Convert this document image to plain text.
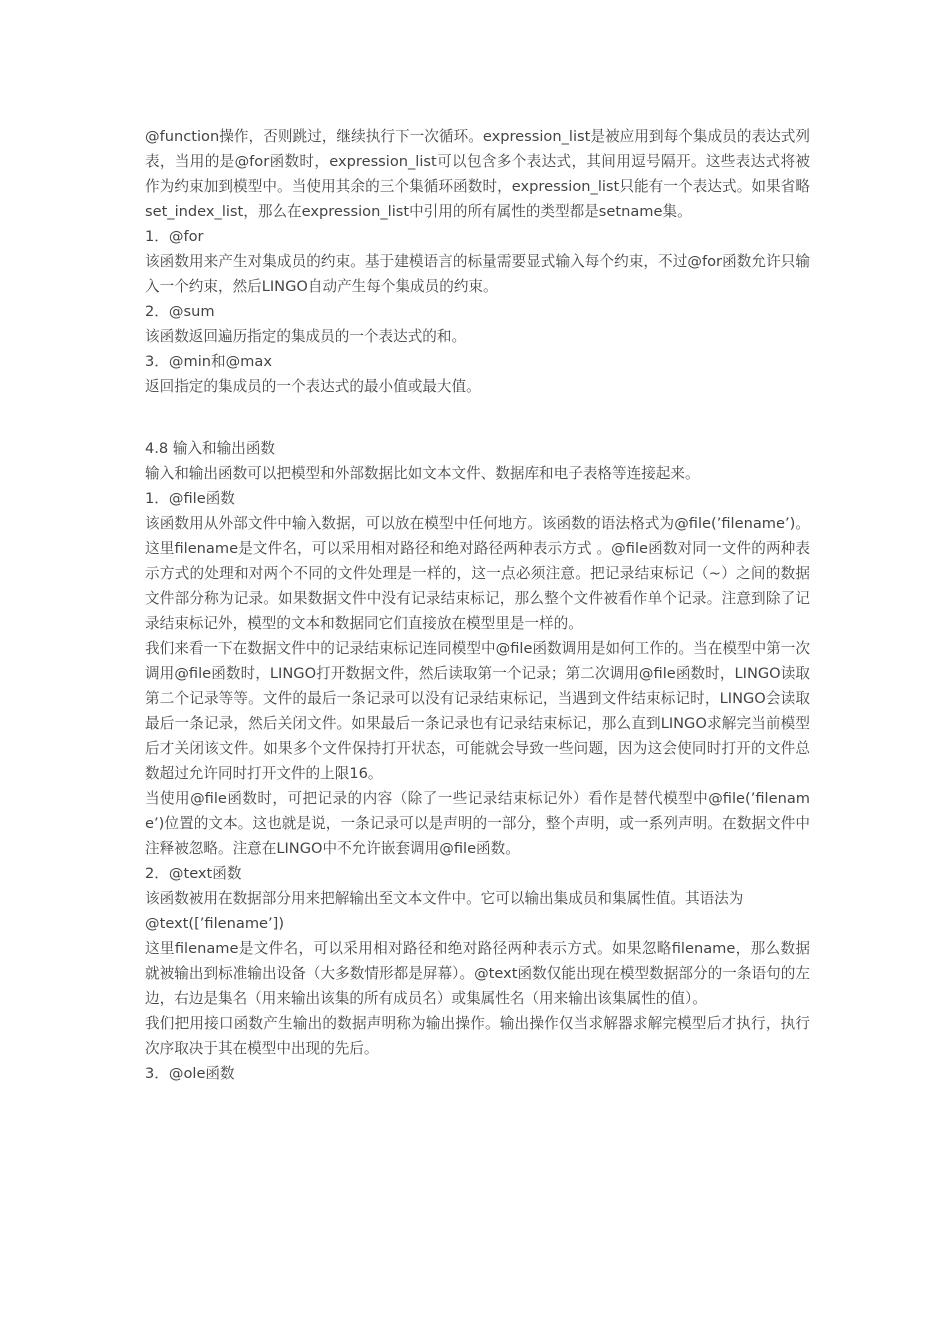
@function操作，否则跳过，继续执行下一次循环。expression_list是被应用到每个集成员的表达式列表，当用的是@for函数时，expression_list可以包含多个表达式，其间用逗号隔开。这些表达式将被作为约束加到模型中。当使用其余的三个集循环函数时，expression_list只能有一个表达式。如果省略set_index_list，那么在expression_list中引用的所有属性的类型都是setname集。

1．@for

该函数用来产生对集成员的约束。基于建模语言的标量需要显式输入每个约束，不过@for函数允许只输入一个约束，然后LINGO自动产生每个集成员的约束。

2．@sum

该函数返回遍历指定的集成员的一个表达式的和。

3．@min和@max

返回指定的集成员的一个表达式的最小值或最大值。

4.8 输入和输出函数

输入和输出函数可以把模型和外部数据比如文本文件、数据库和电子表格等连接起来。

1．@file函数

该函数用从外部文件中输入数据，可以放在模型中任何地方。该函数的语法格式为@file(’filename’)。这里filename是文件名，可以采用相对路径和绝对路径两种表示方式 。@file函数对同一文件的两种表示方式的处理和对两个不同的文件处理是一样的，这一点必须注意。把记录结束标记（~）之间的数据文件部分称为记录。如果数据文件中没有记录结束标记，那么整个文件被看作单个记录。注意到除了记录结束标记外，模型的文本和数据同它们直接放在模型里是一样的。

我们来看一下在数据文件中的记录结束标记连同模型中@file函数调用是如何工作的。当在模型中第一次调用@file函数时，LINGO打开数据文件，然后读取第一个记录；第二次调用@file函数时，LINGO读取第二个记录等等。文件的最后一条记录可以没有记录结束标记，当遇到文件结束标记时，LINGO会读取最后一条记录，然后关闭文件。如果最后一条记录也有记录结束标记，那么直到LINGO求解完当前模型后才关闭该文件。如果多个文件保持打开状态，可能就会导致一些问题，因为这会使同时打开的文件总数超过允许同时打开文件的上限16。

当使用@file函数时，可把记录的内容（除了一些记录结束标记外）看作是替代模型中@file(’filename’)位置的文本。这也就是说，一条记录可以是声明的一部分，整个声明，或一系列声明。在数据文件中注释被忽略。注意在LINGO中不允许嵌套调用@file函数。

2．@text函数

该函数被用在数据部分用来把解输出至文本文件中。它可以输出集成员和集属性值。其语法为

@text([’filename’])

这里filename是文件名，可以采用相对路径和绝对路径两种表示方式。如果忽略filename，那么数据就被输出到标准输出设备（大多数情形都是屏幕）。@text函数仅能出现在模型数据部分的一条语句的左边，右边是集名（用来输出该集的所有成员名）或集属性名（用来输出该集属性的值）。

我们把用接口函数产生输出的数据声明称为输出操作。输出操作仅当求解器求解完模型后才执行，执行次序取决于其在模型中出现的先后。

3．@ole函数
